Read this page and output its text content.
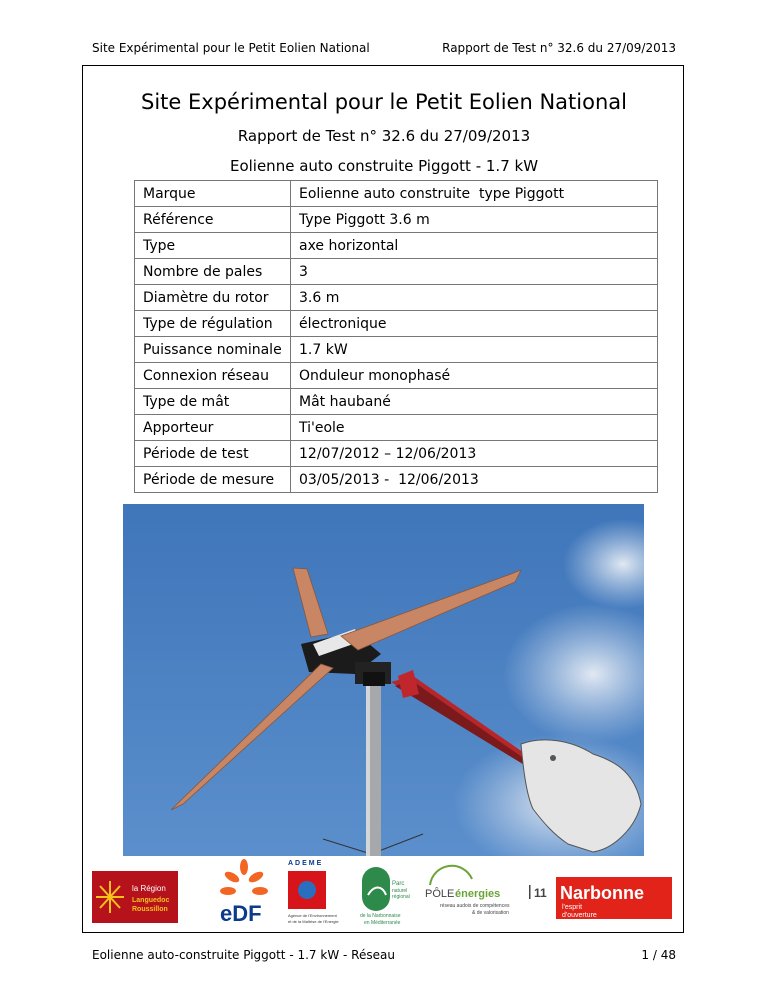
Site Expérimental pour le Petit Eolien National	Rapport de Test n° 32.6 du 27/09/2013
Site Expérimental pour le Petit Eolien National
Rapport de Test n° 32.6 du 27/09/2013
Eolienne auto construite Piggott - 1.7 kW
Marque	Eolienne auto construite  type Piggott
Référence	Type Piggott 3.6 m
Type	axe horizontal
Nombre de pales	3
Diamètre du rotor	3.6 m
Type de régulation	électronique
Puissance nominale	1.7 kW
Connexion réseau	Onduleur monophasé
Type de mât	Mât haubané
Apporteur	Ti'eole
Période de test	12/07/2012 – 12/06/2013
Période de mesure	03/05/2013 -  12/06/2013
la Région
Languedoc
Roussillon eDF
ADEME
Agence de l'Environnement
et de la Maîtrise de l'Energie
Parc
naturel
régional
de la Narbonnaise
en Méditerranée
PÔLE énergies	11
réseau audois de compétences
& de valorisation
Narbonne
l'esprit
d'ouverture
Eolienne auto-construite Piggott - 1.7 kW - Réseau	1 / 48
